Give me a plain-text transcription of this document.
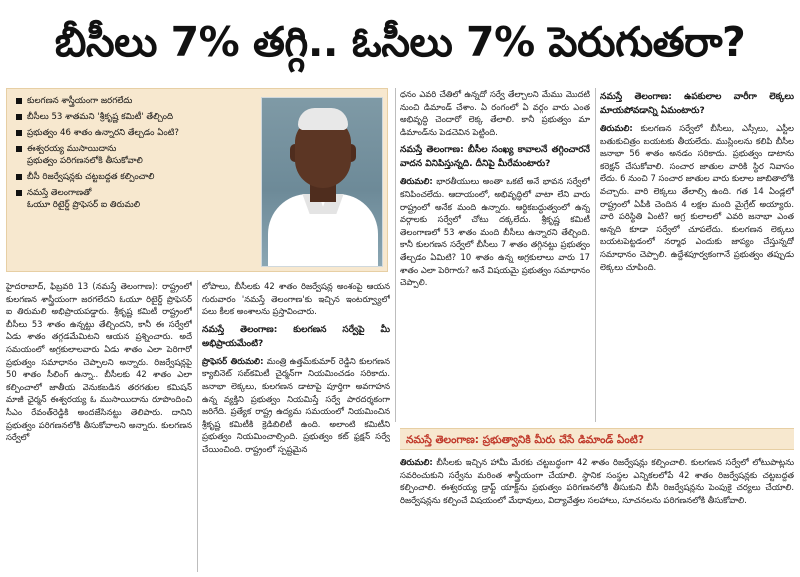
బీసీలు 7% తగ్గి.. ఓసీలు 7% పెరుగుతరా?
కులగణన శాస్త్రీయంగా జరగలేదు
బీసీలు 53 శాతమని 'శ్రీకృష్ణ కమిటీ' తేల్చింది
ప్రభుత్వం 46 శాతం ఉన్నారని తేల్చడం ఏంటి?
ఈశ్వరయ్య ముసాయిదాను
ప్రభుత్వం పరిగణనలోకి తీసుకోవాలి
బీసీ రిజర్వేషన్లకు చట్టబద్దత కల్పించాలి
నమస్తే తెలంగాణతో
ఓయూ రిటైర్డ్ ప్రొఫెసర్ ఐ తిరుమలి

హైదరాబాద్, ఫిబ్రవరి 13 (నమస్తే తెలంగాణ): రాష్ట్రంలో కులగణన శాస్త్రీయంగా జరగలేదని ఓయూ రిటైర్డ్ ప్రొఫెసర్ ఐ తిరుమలి అభిప్రాయపడ్డారు. శ్రీకృష్ణ కమిటీ రాష్ట్రంలో బీసీలు 53 శాతం ఉన్నట్టు తేల్చిందని, కానీ ఈ సర్వేలో ఏడు శాతం తగ్గడమేమిటని ఆయన ప్రశ్నించారు. అదే సమయంలో అగ్రకులాలవారు ఏడు శాతం ఎలా పెరిగారో ప్రభుత్వం సమాధానం చెప్పాలని అన్నారు. రిజర్వేషన్లపై 50 శాతం సీలింగ్ ఉన్నా.. బీసీలకు 42 శాతం ఎలా కల్పించాలో జాతీయ వెనుకబడిన తరగతుల కమిషన్ మాజీ ఛైర్మన్ ఈశ్వరయ్య ఓ ముసాయిదాను రూపొందించి సీఎం రేవంత్‌రెడ్డికి అందజేసినట్టు తెలిపారు. దానిని ప్రభుత్వం పరిగణనలోకి తీసుకోవాలని అన్నారు. కులగణన సర్వేలో

లోపాలు, బీసీలకు 42 శాతం రిజర్వేషన్ల అంశంపై ఆయన గురువారం 'నమస్తే తెలంగాణ'కు ఇచ్చిన ఇంటర్వ్యూలో పలు కీలక అంశాలను ప్రస్తావించారు.

నమస్తే తెలంగాణ: కులగణన సర్వేపై మీ అభిప్రాయమేంటి?

ప్రొఫెసర్ తిరుమలి: మంత్రి ఉత్తమ్‌కుమార్ రెడ్డిని కులగణన క్యాబినెట్ సబ్‌కమిటీ చైర్మన్‌గా నియమించడం సరికాదు. జనాభా లెక్కలు, కులగణన డాటాపై పూర్తిగా అవగాహన ఉన్న వ్యక్తిని ప్రభుత్వం నియమిస్తే సర్వే పారదర్శకంగా జరిగేది. ప్రత్యేక రాష్ట్ర ఉద్యమ సమయంలో నియమించిన శ్రీకృష్ణ కమిటీకి క్రెడిబిలిటీ ఉంది. అలాంటి కమిటీని ప్రభుత్వం నియమించాల్సింది. ప్రభుత్వం కట్ ఫ్రక్షన్ సర్వే చేయించింది. రాష్ట్రంలో స్పష్టమైన

ధనం ఎవరి చేతిలో ఉన్నదో సర్వే తేల్చాలని మేము మొదటి నుంచి డిమాండ్ చేశాం. ఏ రంగంలో ఏ వర్గం వారు ఎంత అభివృద్ధి చెందారో లెక్క తేలాలి. కానీ ప్రభుత్వం మా డిమాండ్‌ను పెడచెవిన పెట్టింది.

నమస్తే తెలంగాణ: బీసీల సంఖ్య కావాలనే తగ్గించారనే వాదన వినిపిస్తున్నది. దీనిపై మీరేమంటారు?

తిరుమలి: భారతీయులు అంతా ఒకటే అనే భావన సర్వేలో కనిపించలేదు. ఆదాయంలో, అభివృద్ధిలో వాటా లేని వారు రాష్ట్రంలో అనేక మంది ఉన్నారు. ఆర్థికబద్ధుత్వంలో ఉన్న వర్గాలకు సర్వేలో చోటు దక్కలేదు. శ్రీకృష్ణ కమిటీ తెలంగాణలో 53 శాతం మంది బీసీలు ఉన్నారని తేల్చింది. కానీ కులగణన సర్వేలో బీసీలు 7 శాతం తగ్గినట్టు ప్రభుత్వం తేల్చడం ఏమిటి? 10 శాతం ఉన్న అగ్రకులాలు వారు 17 శాతం ఎలా పెరిగారు? అనే విషయమై ప్రభుత్వం సమాధానం చెప్పాలి.

నమస్తే తెలంగాణ: ఉపకులాల వారీగా లెక్కలు మాయపోవడాన్ని ఏమంటారు?

తిరుమలి: కులగణన సర్వేలో బీసీలు, ఎస్సీలు, ఎస్టీల బతుకుచిత్రం బయటకు తీయలేదు. ముస్లింలను కలిపి బీసీల జనాభా 56 శాతం అనడం సరికాదు. ప్రభుత్వం డాటాను కరెక్షన్ చేసుకోవాలి. సంచార జాతుల వారికి స్థిర నివాసం లేదు. 6 నుంచి 7 సంచార జాతుల వారు కులాల జాబితాలోకి వచ్చారు. వారి లెక్కలు తేలాల్సి ఉంది. గత 14 ఏండ్లలో రాష్ట్రంలో ఏపీకి చెందిన 4 లక్షల మంది మైగ్రేట్ అయ్యారు. వారి పరిస్థితి ఏంటి? అగ్ర కులాలలో ఎవరి జనాభా ఎంత అన్నది కూడా సర్వేలో చూపలేదు. కులగణన లెక్కలు బయటపెట్టడంలో నర్మాధ ఎందుకు జాప్యం చేస్తున్నదో సమాధానం చెప్పాలి. ఉద్దేశపూర్వకంగానే ప్రభుత్వం తప్పుడు లెక్కలు చూపింది.

నమస్తే తెలంగాణ: ప్రభుత్వానికి మీరు చేసే డిమాండ్ ఏంటి?

తిరుమలి: బీసీలకు ఇచ్చిన హామీ మేరకు చట్టబద్ధంగా 42 శాతం రిజర్వేషన్లు కల్పించాలి. కులగణన సర్వేలో లోటుపాట్లను సవరించుకుని సర్వేను మరింత శాస్త్రీయంగా చేయాలి. స్థానిక సంస్థల ఎన్నికలలోపే 42 శాతం రిజర్వేషన్లకు చట్టబద్దత కల్పించాలి. ఈశ్వరయ్య డ్రాఫ్ట్ యాక్ట్‌ను ప్రభుత్వం పరిగణనలోకి తీసుకుని బీసీ రిజర్వేషన్లను పెంపుకై చర్యలు చేయాలి. రిజర్వేషన్లను కల్పించే విషయంలో మేధావులు, విద్యావేత్తల సలహాలు, సూచనలను పరిగణనలోకి తీసుకోవాలి.
